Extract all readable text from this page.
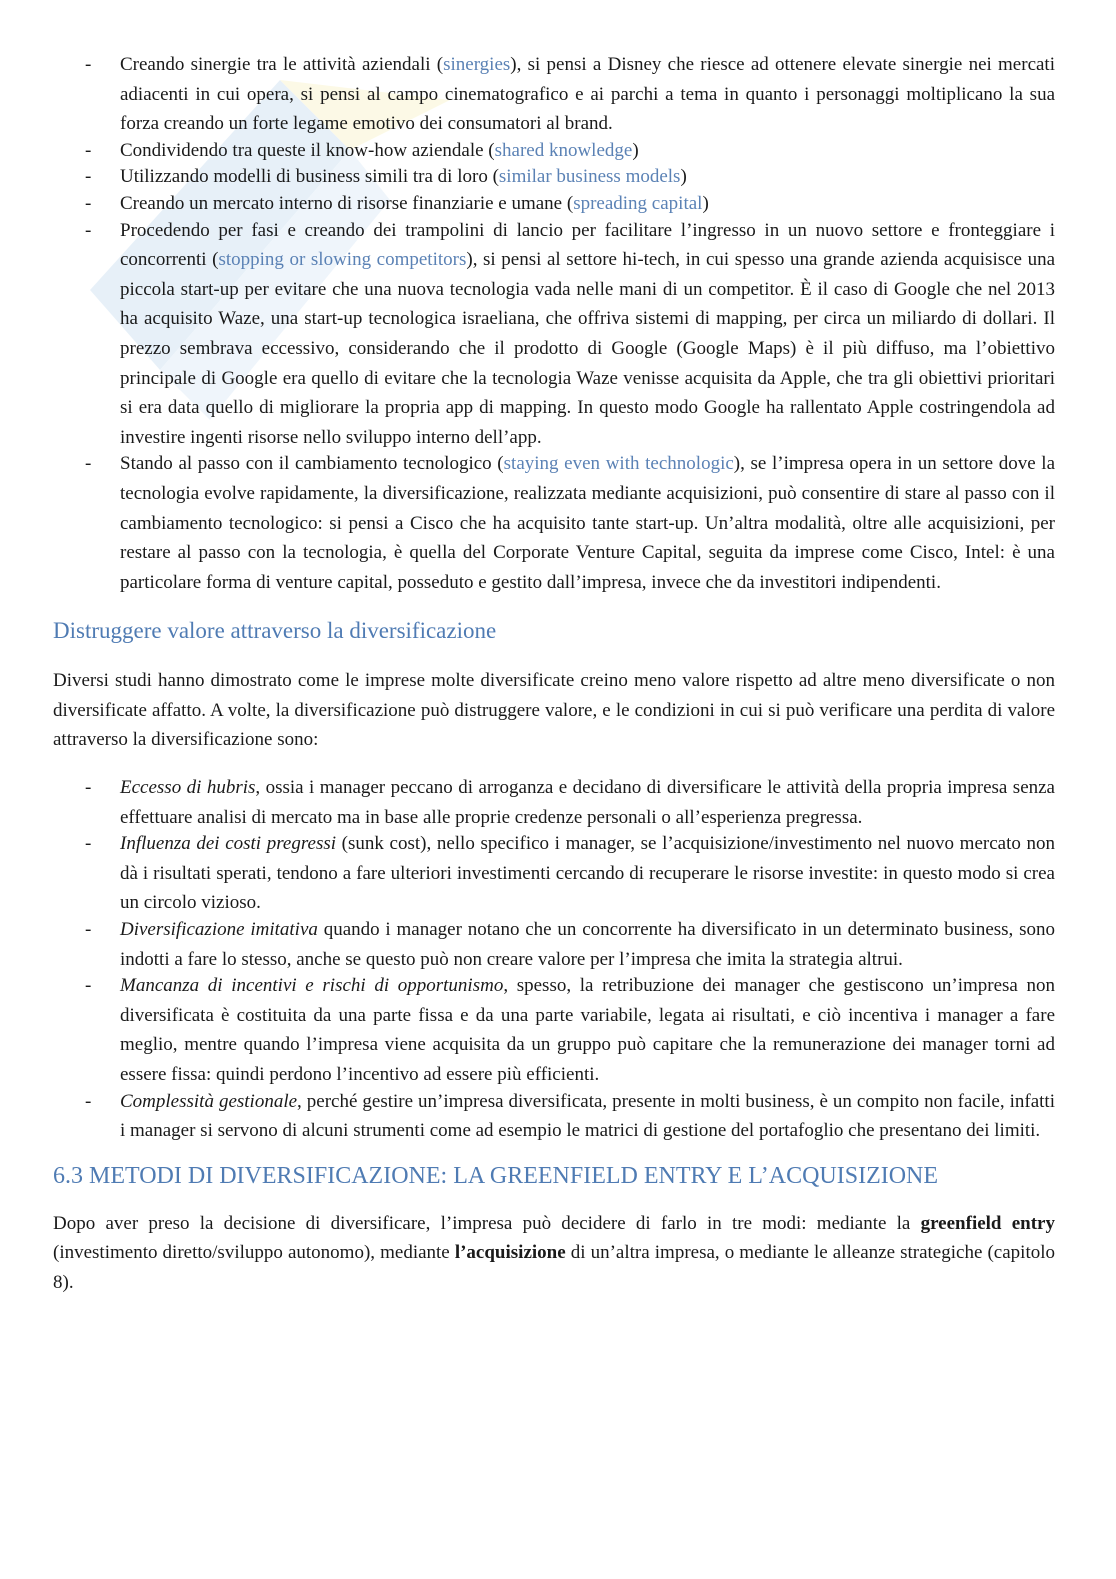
- Creando sinergie tra le attività aziendali (sinergies), si pensi a Disney che riesce ad ottenere elevate sinergie nei mercati adiacenti in cui opera, si pensi al campo cinematografico e ai parchi a tema in quanto i personaggi moltiplicano la sua forza creando un forte legame emotivo dei consumatori al brand.
- Condividendo tra queste il know-how aziendale (shared knowledge)
- Utilizzando modelli di business simili tra di loro (similar business models)
- Creando un mercato interno di risorse finanziarie e umane (spreading capital)
- Procedendo per fasi e creando dei trampolini di lancio per facilitare l’ingresso in un nuovo settore e fronteggiare i concorrenti (stopping or slowing competitors), si pensi al settore hi-tech, in cui spesso una grande azienda acquisisce una piccola start-up per evitare che una nuova tecnologia vada nelle mani di un competitor. È il caso di Google che nel 2013 ha acquisito Waze, una start-up tecnologica israeliana, che offriva sistemi di mapping, per circa un miliardo di dollari. Il prezzo sembrava eccessivo, considerando che il prodotto di Google (Google Maps) è il più diffuso, ma l’obiettivo principale di Google era quello di evitare che la tecnologia Waze venisse acquisita da Apple, che tra gli obiettivi prioritari si era data quello di migliorare la propria app di mapping. In questo modo Google ha rallentato Apple costringendola ad investire ingenti risorse nello sviluppo interno dell’app.
- Stando al passo con il cambiamento tecnologico (staying even with technologic), se l’impresa opera in un settore dove la tecnologia evolve rapidamente, la diversificazione, realizzata mediante acquisizioni, può consentire di stare al passo con il cambiamento tecnologico: si pensi a Cisco che ha acquisito tante start-up. Un’altra modalità, oltre alle acquisizioni, per restare al passo con la tecnologia, è quella del Corporate Venture Capital, seguita da imprese come Cisco, Intel: è una particolare forma di venture capital, posseduto e gestito dall’impresa, invece che da investitori indipendenti.
Distruggere valore attraverso la diversificazione

Diversi studi hanno dimostrato come le imprese molte diversificate creino meno valore rispetto ad altre meno diversificate o non diversificate affatto. A volte, la diversificazione può distruggere valore, e le condizioni in cui si può verificare una perdita di valore attraverso la diversificazione sono:

- Eccesso di hubris, ossia i manager peccano di arroganza e decidano di diversificare le attività della propria impresa senza effettuare analisi di mercato ma in base alle proprie credenze personali o all’esperienza pregressa.
- Influenza dei costi pregressi (sunk cost), nello specifico i manager, se l’acquisizione/investimento nel nuovo mercato non dà i risultati sperati, tendono a fare ulteriori investimenti cercando di recuperare le risorse investite: in questo modo si crea un circolo vizioso.
- Diversificazione imitativa quando i manager notano che un concorrente ha diversificato in un determinato business, sono indotti a fare lo stesso, anche se questo può non creare valore per l’impresa che imita la strategia altrui.
- Mancanza di incentivi e rischi di opportunismo, spesso, la retribuzione dei manager che gestiscono un’impresa non diversificata è costituita da una parte fissa e da una parte variabile, legata ai risultati, e ciò incentiva i manager a fare meglio, mentre quando l’impresa viene acquisita da un gruppo può capitare che la remunerazione dei manager torni ad essere fissa: quindi perdono l’incentivo ad essere più efficienti.
- Complessità gestionale, perché gestire un’impresa diversificata, presente in molti business, è un compito non facile, infatti i manager si servono di alcuni strumenti come ad esempio le matrici di gestione del portafoglio che presentano dei limiti.
6.3 METODI DI DIVERSIFICAZIONE: LA GREENFIELD ENTRY E L’ACQUISIZIONE

Dopo aver preso la decisione di diversificare, l’impresa può decidere di farlo in tre modi: mediante la greenfield entry (investimento diretto/sviluppo autonomo), mediante l’acquisizione di un’altra impresa, o mediante le alleanze strategiche (capitolo 8).
